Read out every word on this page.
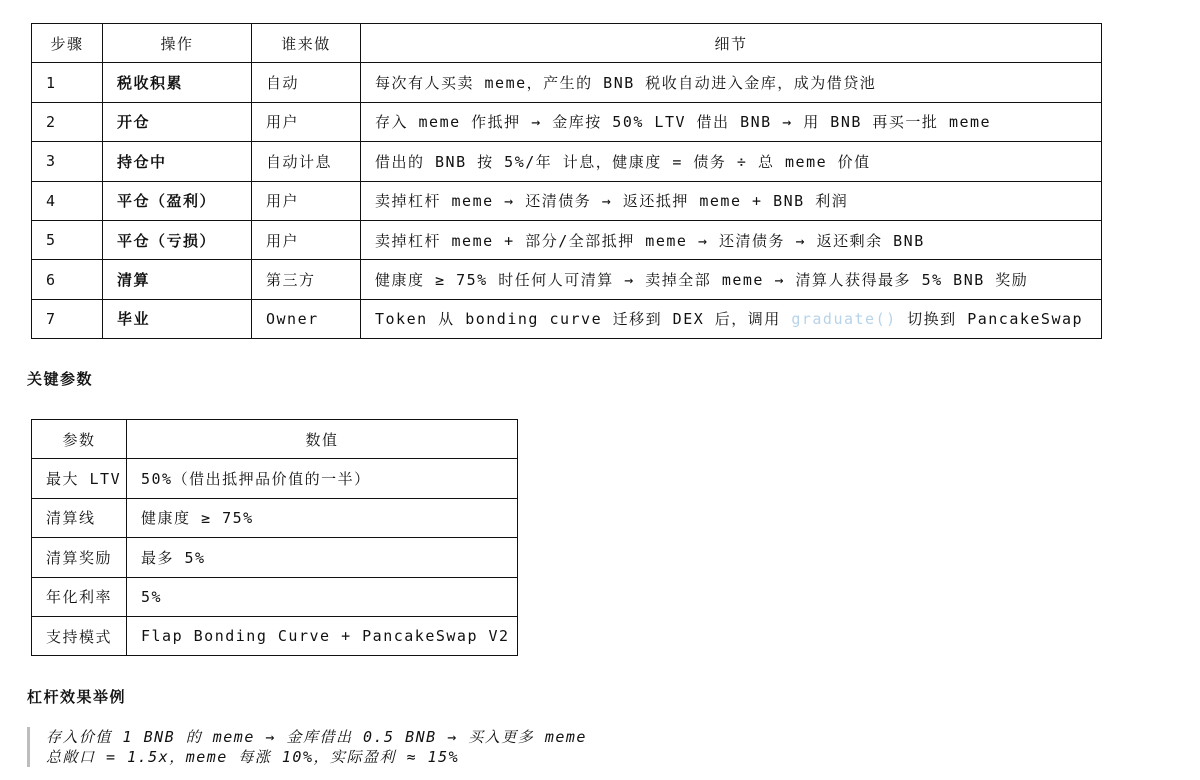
步骤	操作	谁来做	细节
1	税收积累	自动	每次有人买卖 meme，产生的 BNB 税收自动进入金库，成为借贷池
2	开仓	用户	存入 meme 作抵押 → 金库按 50% LTV 借出 BNB → 用 BNB 再买一批 meme
3	持仓中	自动计息	借出的 BNB 按 5%/年 计息，健康度 = 债务 ÷ 总 meme 价值
4	平仓（盈利）	用户	卖掉杠杆 meme → 还清债务 → 返还抵押 meme + BNB 利润
5	平仓（亏损）	用户	卖掉杠杆 meme + 部分/全部抵押 meme → 还清债务 → 返还剩余 BNB
6	清算	第三方	健康度 ≥ 75% 时任何人可清算 → 卖掉全部 meme → 清算人获得最多 5% BNB 奖励
7	毕业	Owner	Token 从 bonding curve 迁移到 DEX 后，调用 graduate() 切换到 PancakeSwap
关键参数
参数	数值
最大 LTV	50%（借出抵押品价值的一半）
清算线	健康度 ≥ 75%
清算奖励	最多 5%
年化利率	5%
支持模式	Flap Bonding Curve + PancakeSwap V2
杠杆效果举例
存入价值 1 BNB 的 meme → 金库借出 0.5 BNB → 买入更多 meme
总敞口 = 1.5x，meme 每涨 10%，实际盈利 ≈ 15%
